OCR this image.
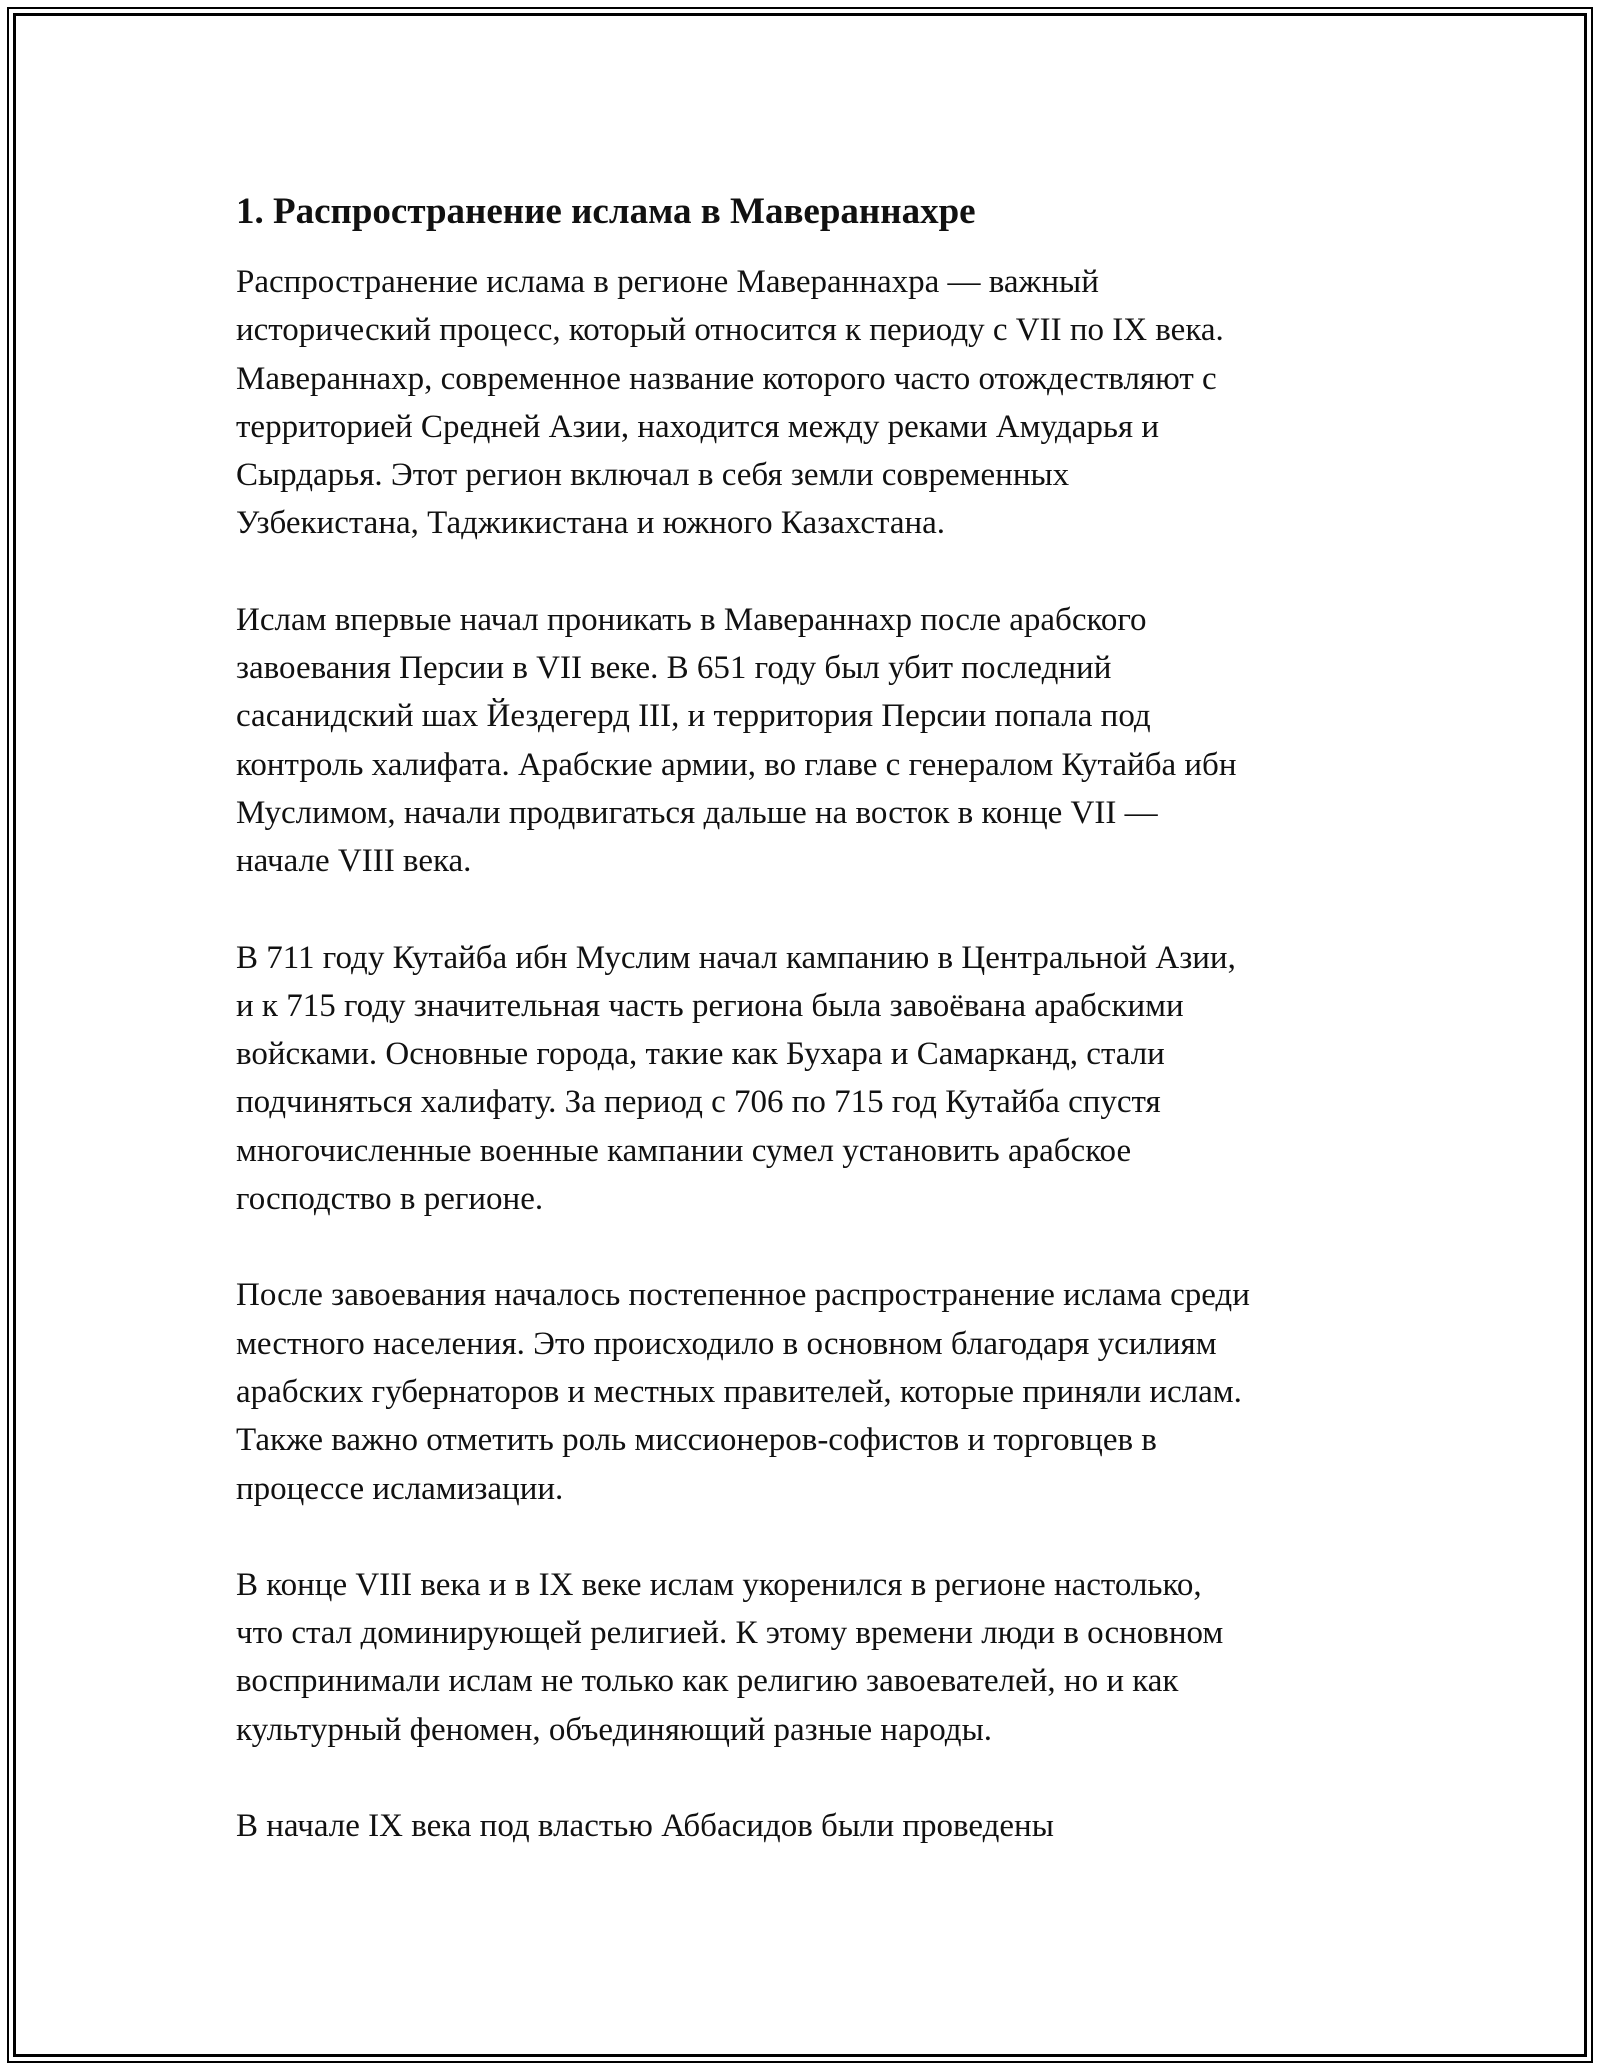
1. Распространение ислама в Мавераннахре
Распространение ислама в регионе Мавераннахра — важный
исторический процесс, который относится к периоду с VII по IX века.
Мавераннахр, современное название которого часто отождествляют с
территорией Средней Азии, находится между реками Амударья и
Сырдарья. Этот регион включал в себя земли современных
Узбекистана, Таджикистана и южного Казахстана.
Ислам впервые начал проникать в Мавераннахр после арабского
завоевания Персии в VII веке. В 651 году был убит последний
сасанидский шах Йездегерд III, и территория Персии попала под
контроль халифата. Арабские армии, во главе с генералом Кутайба ибн
Муслимом, начали продвигаться дальше на восток в конце VII —
начале VIII века.
В 711 году Кутайба ибн Муслим начал кампанию в Центральной Азии,
и к 715 году значительная часть региона была завоёвана арабскими
войсками. Основные города, такие как Бухара и Самарканд, стали
подчиняться халифату. За период с 706 по 715 год Кутайба спустя
многочисленные военные кампании сумел установить арабское
господство в регионе.
После завоевания началось постепенное распространение ислама среди
местного населения. Это происходило в основном благодаря усилиям
арабских губернаторов и местных правителей, которые приняли ислам.
Также важно отметить роль миссионеров-софистов и торговцев в
процессе исламизации.
В конце VIII века и в IX веке ислам укоренился в регионе настолько,
что стал доминирующей религией. К этому времени люди в основном
воспринимали ислам не только как религию завоевателей, но и как
культурный феномен, объединяющий разные народы.
В начале IX века под властью Аббасидов были проведены
